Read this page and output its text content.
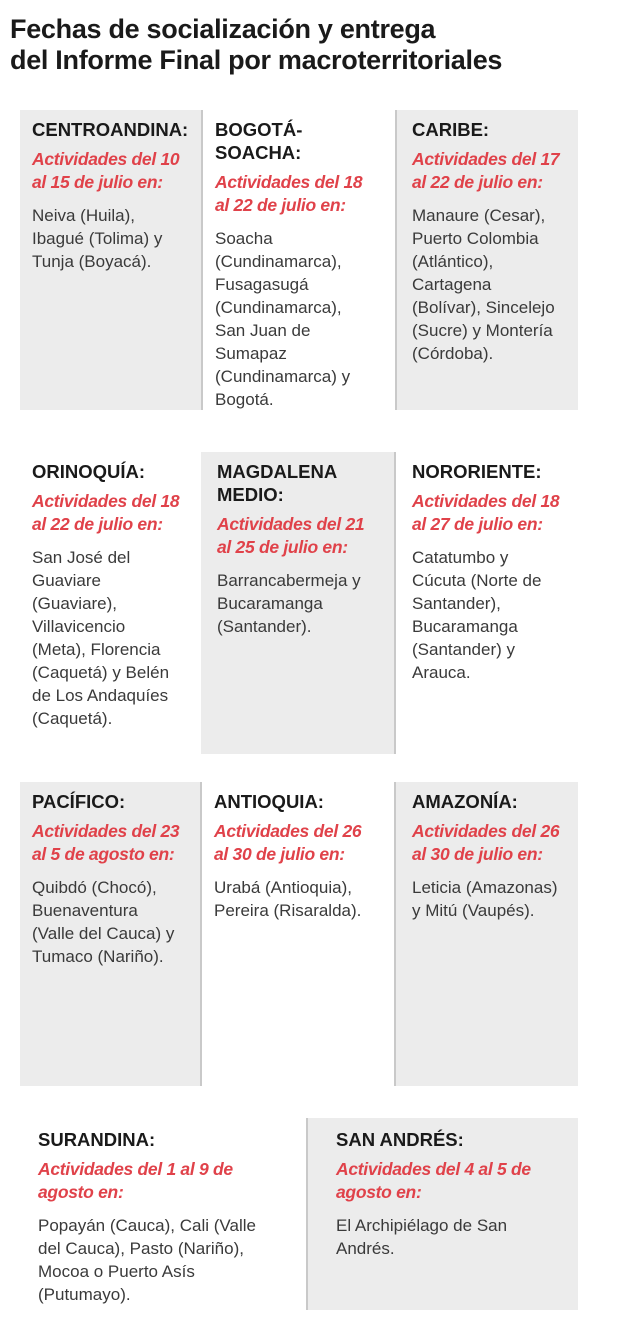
Fechas de socialización y entrega
del Informe Final por macroterritoriales
CENTROANDINA:
Actividades del 10
al 15 de julio en:
Neiva (Huila),
Ibagué (Tolima) y
Tunja (Boyacá).
BOGOTÁ-
SOACHA:
Actividades del 18
al 22 de julio en:
Soacha
(Cundinamarca),
Fusagasugá
(Cundinamarca),
San Juan de
Sumapaz
(Cundinamarca) y
Bogotá.
CARIBE:
Actividades del 17
al 22 de julio en:
Manaure (Cesar),
Puerto Colombia
(Atlántico),
Cartagena
(Bolívar), Sincelejo
(Sucre) y Montería
(Córdoba).
ORINOQUÍA:
Actividades del 18
al 22 de julio en:
San José del
Guaviare
(Guaviare),
Villavicencio
(Meta), Florencia
(Caquetá) y Belén
de Los Andaquíes
(Caquetá).
MAGDALENA
MEDIO:
Actividades del 21
al 25 de julio en:
Barrancabermeja y
Bucaramanga
(Santander).
NORORIENTE:
Actividades del 18
al 27 de julio en:
Catatumbo y
Cúcuta (Norte de
Santander),
Bucaramanga
(Santander) y
Arauca.
PACÍFICO:
Actividades del 23
al 5 de agosto en:
Quibdó (Chocó),
Buenaventura
(Valle del Cauca) y
Tumaco (Nariño).
ANTIOQUIA:
Actividades del 26
al 30 de julio en:
Urabá (Antioquia),
Pereira (Risaralda).
AMAZONÍA:
Actividades del 26
al 30 de julio en:
Leticia (Amazonas)
y Mitú (Vaupés).
SURANDINA:
Actividades del 1 al 9 de
agosto en:
Popayán (Cauca), Cali (Valle
del Cauca), Pasto (Nariño),
Mocoa o Puerto Asís
(Putumayo).
SAN ANDRÉS:
Actividades del 4 al 5 de
agosto en:
El Archipiélago de San
Andrés.
